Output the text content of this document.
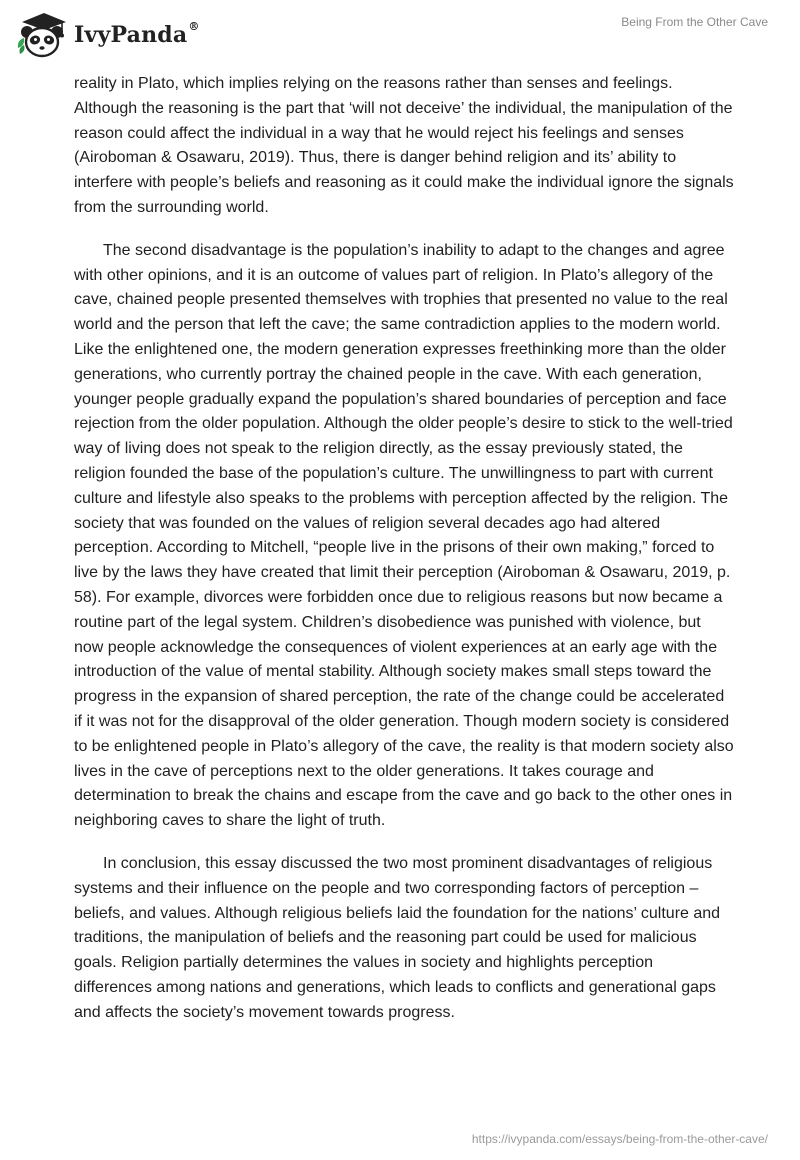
IvyPanda®	Being From the Other Cave

reality in Plato, which implies relying on the reasons rather than senses and feelings. Although the reasoning is the part that ‘will not deceive’ the individual, the manipulation of the reason could affect the individual in a way that he would reject his feelings and senses (Airoboman & Osawaru, 2019). Thus, there is danger behind religion and its’ ability to interfere with people’s beliefs and reasoning as it could make the individual ignore the signals from the surrounding world.

The second disadvantage is the population’s inability to adapt to the changes and agree with other opinions, and it is an outcome of values part of religion. In Plato’s allegory of the cave, chained people presented themselves with trophies that presented no value to the real world and the person that left the cave; the same contradiction applies to the modern world. Like the enlightened one, the modern generation expresses freethinking more than the older generations, who currently portray the chained people in the cave. With each generation, younger people gradually expand the population’s shared boundaries of perception and face rejection from the older population. Although the older people’s desire to stick to the well-tried way of living does not speak to the religion directly, as the essay previously stated, the religion founded the base of the population’s culture. The unwillingness to part with current culture and lifestyle also speaks to the problems with perception affected by the religion. The society that was founded on the values of religion several decades ago had altered perception. According to Mitchell, “people live in the prisons of their own making,” forced to live by the laws they have created that limit their perception (Airoboman & Osawaru, 2019, p. 58). For example, divorces were forbidden once due to religious reasons but now became a routine part of the legal system. Children’s disobedience was punished with violence, but now people acknowledge the consequences of violent experiences at an early age with the introduction of the value of mental stability. Although society makes small steps toward the progress in the expansion of shared perception, the rate of the change could be accelerated if it was not for the disapproval of the older generation. Though modern society is considered to be enlightened people in Plato’s allegory of the cave, the reality is that modern society also lives in the cave of perceptions next to the older generations. It takes courage and determination to break the chains and escape from the cave and go back to the other ones in neighboring caves to share the light of truth.

In conclusion, this essay discussed the two most prominent disadvantages of religious systems and their influence on the people and two corresponding factors of perception – beliefs, and values. Although religious beliefs laid the foundation for the nations’ culture and traditions, the manipulation of beliefs and the reasoning part could be used for malicious goals. Religion partially determines the values in society and highlights perception differences among nations and generations, which leads to conflicts and generational gaps and affects the society’s movement towards progress.

https://ivypanda.com/essays/being-from-the-other-cave/
